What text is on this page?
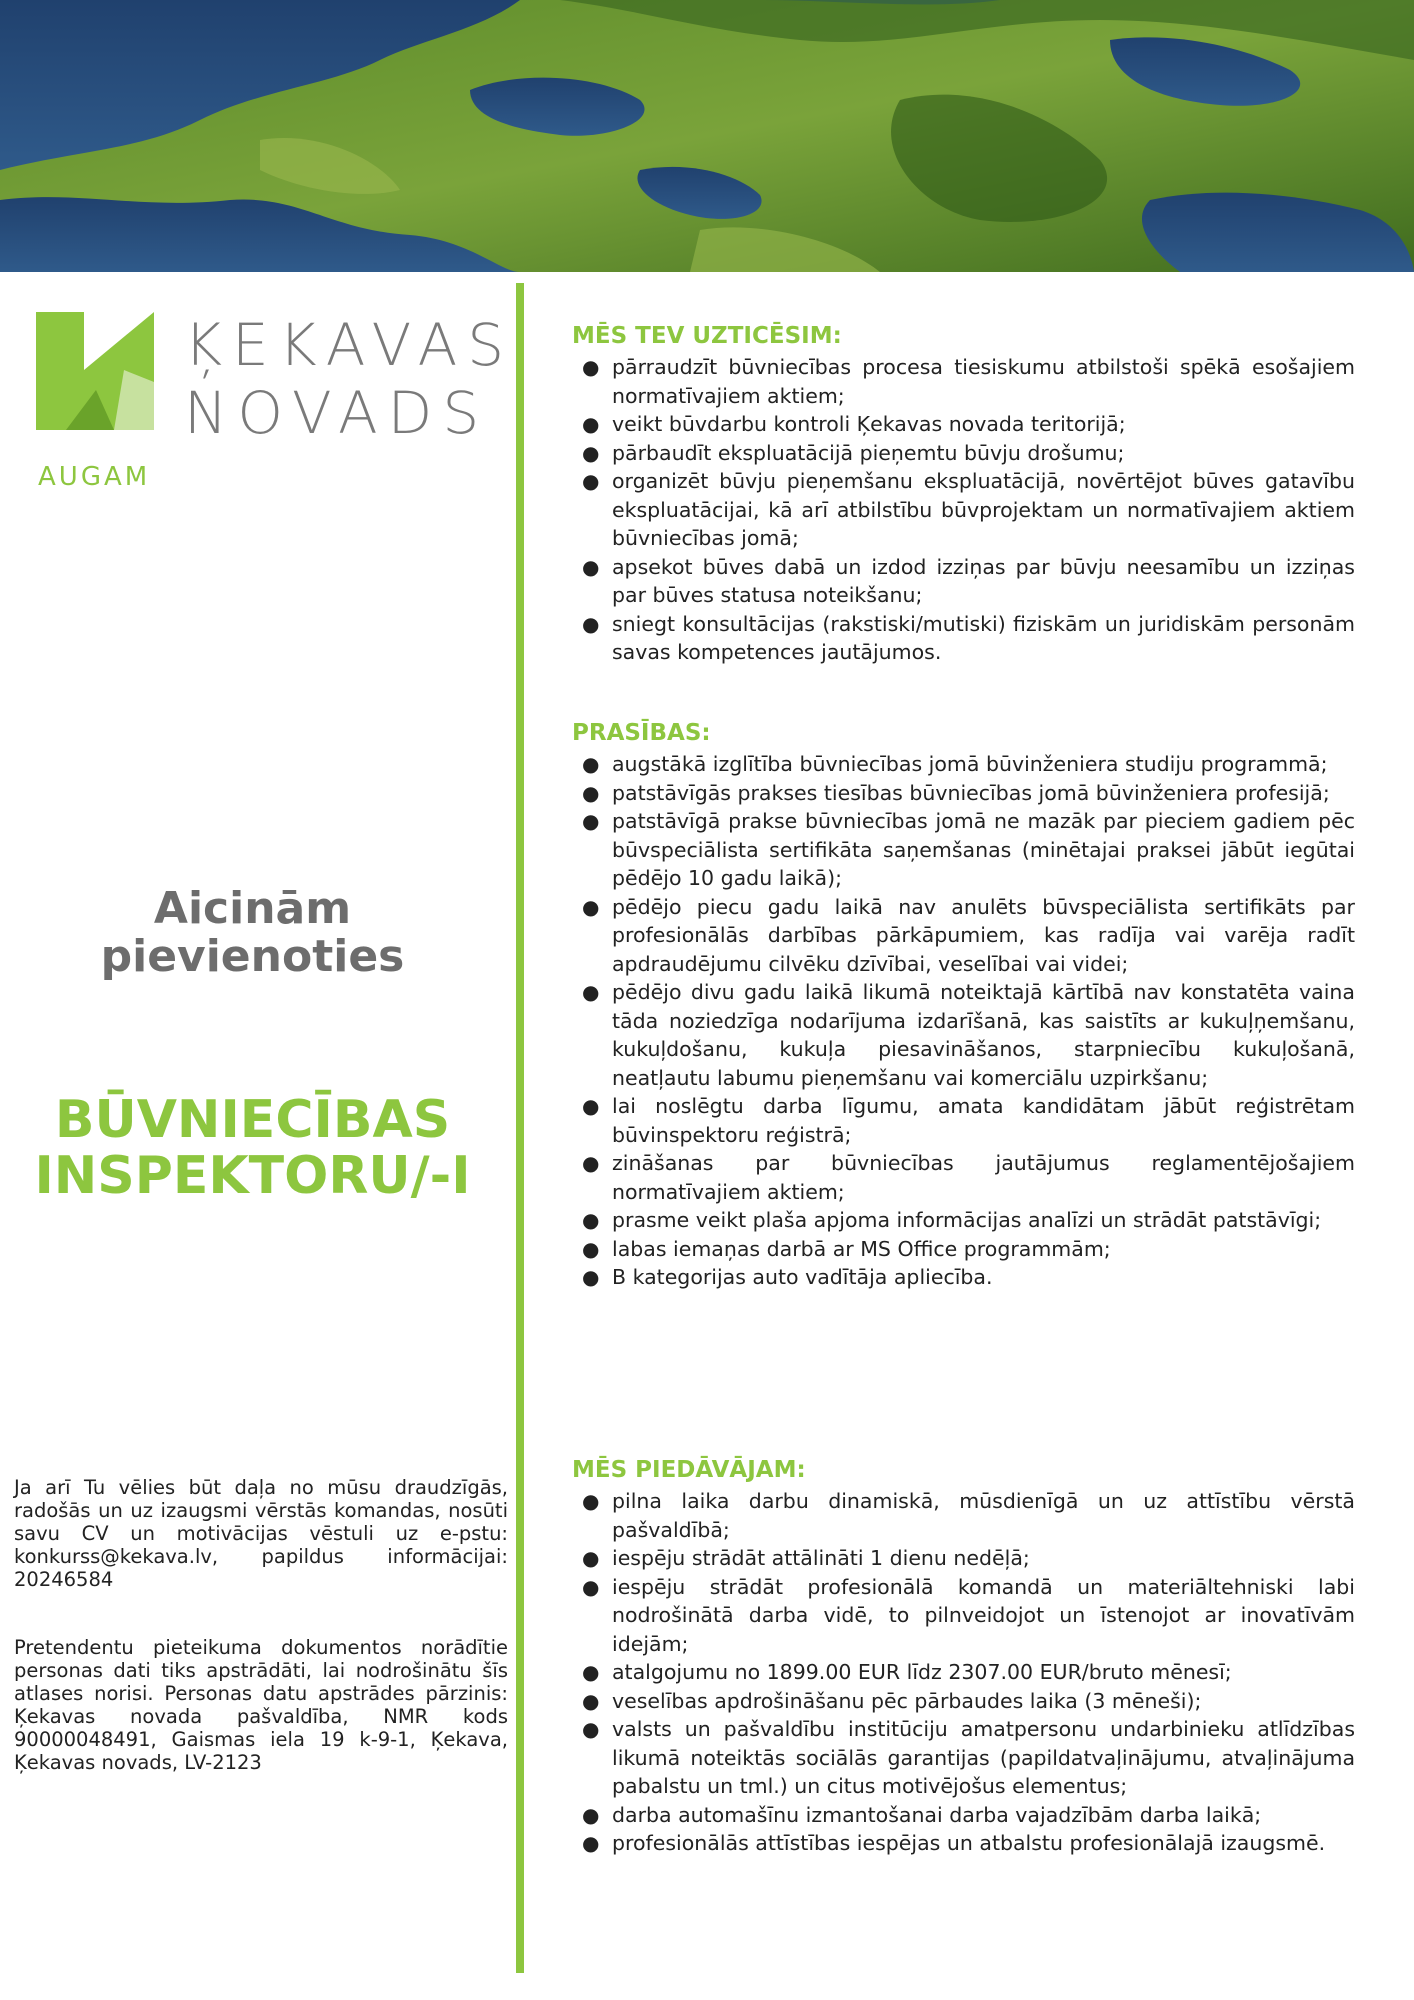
ĶEKAVAS
NOVADS
AUGAM
Aicinām
pievienoties
BŪVNIECĪBAS
INSPEKTORU/-I
Ja arī Tu vēlies būt daļa no mūsu draudzīgās, radošās un uz izaugsmi vērstās komandas, nosūti savu CV un motivācijas vēstuli uz e-pstu: konkurss@kekava.lv, papildus informācijai: 20246584
Pretendentu pieteikuma dokumentos norādītie personas dati tiks apstrādāti, lai nodrošinātu šīs atlases norisi. Personas datu apstrādes pārzinis: Ķekavas novada pašvaldība, NMR kods 90000048491, Gaismas iela 19 k-9-1, Ķekava, Ķekavas novads, LV-2123
MĒS TEV UZTICĒSIM:
● pārraudzīt būvniecības procesa tiesiskumu atbilstoši spēkā esošajiem normatīvajiem aktiem;
● veikt būvdarbu kontroli Ķekavas novada teritorijā;
● pārbaudīt ekspluatācijā pieņemtu būvju drošumu;
● organizēt būvju pieņemšanu ekspluatācijā, novērtējot būves gatavību ekspluatācijai, kā arī atbilstību būvprojektam un normatīvajiem aktiem būvniecības jomā;
● apsekot būves dabā un izdod izziņas par būvju neesamību un izziņas par būves statusa noteikšanu;
● sniegt konsultācijas (rakstiski/mutiski) fiziskām un juridiskām personām savas kompetences jautājumos.
PRASĪBAS:
● augstākā izglītība būvniecības jomā būvinženiera studiju programmā;
● patstāvīgās prakses tiesības būvniecības jomā būvinženiera profesijā;
● patstāvīgā prakse būvniecības jomā ne mazāk par pieciem gadiem pēc būvspeciālista sertifikāta saņemšanas (minētajai praksei jābūt iegūtai pēdējo 10 gadu laikā);
● pēdējo piecu gadu laikā nav anulēts būvspeciālista sertifikāts par profesionālās darbības pārkāpumiem, kas radīja vai varēja radīt apdraudējumu cilvēku dzīvībai, veselībai vai videi;
● pēdējo divu gadu laikā likumā noteiktajā kārtībā nav konstatēta vaina tāda noziedzīga nodarījuma izdarīšanā, kas saistīts ar kukuļņemšanu, kukuļdošanu, kukuļa piesavināšanos, starpniecību kukuļošanā, neatļautu labumu pieņemšanu vai komerciālu uzpirkšanu;
● lai noslēgtu darba līgumu, amata kandidātam jābūt reģistrētam būvinspektoru reģistrā;
● zināšanas par būvniecības jautājumus reglamentējošajiem normatīvajiem aktiem;
● prasme veikt plaša apjoma informācijas analīzi un strādāt patstāvīgi;
● labas iemaņas darbā ar MS Office programmām;
● B kategorijas auto vadītāja apliecība.
MĒS PIEDĀVĀJAM:
● pilna laika darbu dinamiskā, mūsdienīgā un uz attīstību vērstā pašvaldībā;
● iespēju strādāt attālināti 1 dienu nedēļā;
● iespēju strādāt profesionālā komandā un materiāltehniski labi nodrošinātā darba vidē, to pilnveidojot un īstenojot ar inovatīvām idejām;
● atalgojumu no 1899.00 EUR līdz 2307.00 EUR/bruto mēnesī;
● veselības apdrošināšanu pēc pārbaudes laika (3 mēneši);
● valsts un pašvaldību institūciju amatpersonu undarbinieku atlīdzības likumā noteiktās sociālās garantijas (papildatvaļinājumu, atvaļinājuma pabalstu un tml.) un citus motivējošus elementus;
● darba automašīnu izmantošanai darba vajadzībām darba laikā;
● profesionālās attīstības iespējas un atbalstu profesionālajā izaugsmē.
